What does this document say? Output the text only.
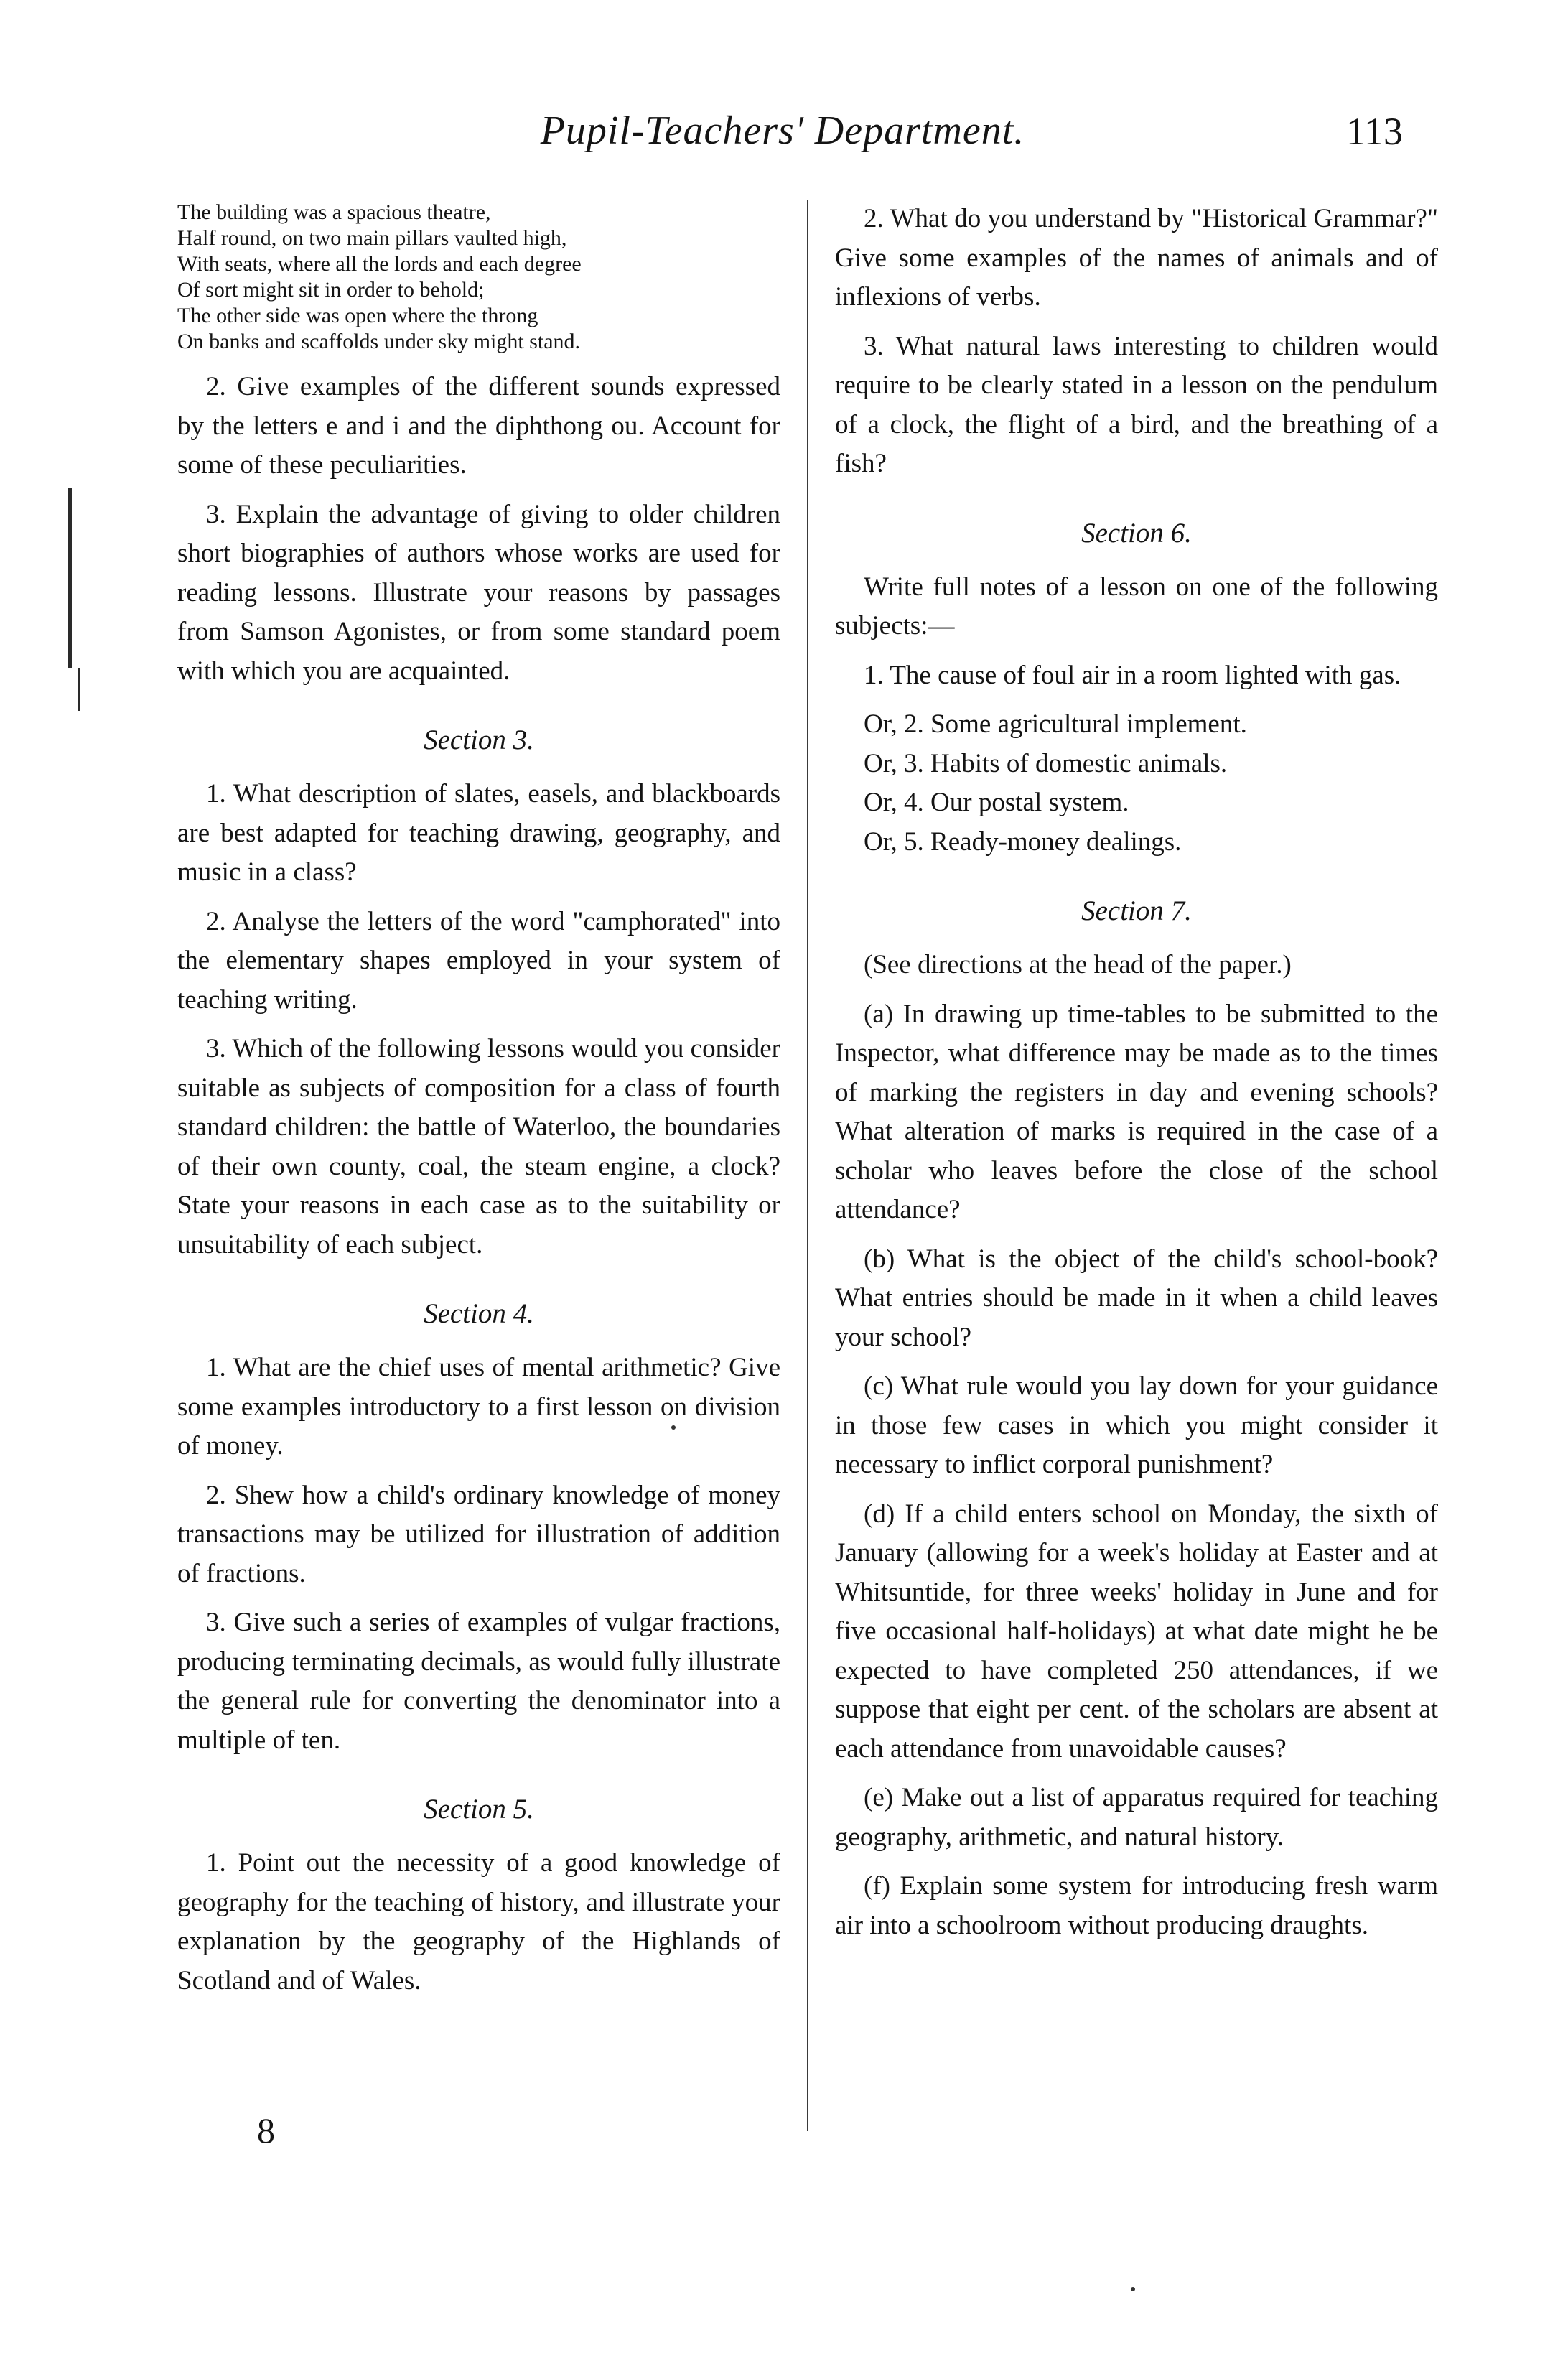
Pupil-Teachers' Department.	113
The building was a spacious theatre,
Half round, on two main pillars vaulted high,
With seats, where all the lords and each degree
Of sort might sit in order to behold;
The other side was open where the throng
On banks and scaffolds under sky might stand.

2. Give examples of the different sounds expressed by the letters e and i and the diphthong ou. Account for some of these peculiarities.

3. Explain the advantage of giving to older children short biographies of authors whose works are used for reading lessons. Illustrate your reasons by passages from Samson Agonistes, or from some standard poem with which you are acquainted.

Section 3.

1. What description of slates, easels, and blackboards are best adapted for teaching drawing, geography, and music in a class?

2. Analyse the letters of the word "camphorated" into the elementary shapes employed in your system of teaching writing.

3. Which of the following lessons would you consider suitable as subjects of composition for a class of fourth standard children: the battle of Waterloo, the boundaries of their own county, coal, the steam engine, a clock? State your reasons in each case as to the suitability or unsuitability of each subject.

Section 4.

1. What are the chief uses of mental arithmetic? Give some examples introductory to a first lesson on division of money.

2. Shew how a child's ordinary knowledge of money transactions may be utilized for illustration of addition of fractions.

3. Give such a series of examples of vulgar fractions, producing terminating decimals, as would fully illustrate the general rule for converting the denominator into a multiple of ten.

Section 5.

1. Point out the necessity of a good knowledge of geography for the teaching of history, and illustrate your explanation by the geography of the Highlands of Scotland and of Wales.

8

2. What do you understand by "Historical Grammar?" Give some examples of the names of animals and of inflexions of verbs.

3. What natural laws interesting to children would require to be clearly stated in a lesson on the pendulum of a clock, the flight of a bird, and the breathing of a fish?

Section 6.

Write full notes of a lesson on one of the following subjects:—

1. The cause of foul air in a room lighted with gas.

Or, 2. Some agricultural implement.

Or, 3. Habits of domestic animals.

Or, 4. Our postal system.

Or, 5. Ready-money dealings.

Section 7.

(See directions at the head of the paper.)

(a) In drawing up time-tables to be submitted to the Inspector, what difference may be made as to the times of marking the registers in day and evening schools? What alteration of marks is required in the case of a scholar who leaves before the close of the school attendance?

(b) What is the object of the child's school-book? What entries should be made in it when a child leaves your school?

(c) What rule would you lay down for your guidance in those few cases in which you might consider it necessary to inflict corporal punishment?

(d) If a child enters school on Monday, the sixth of January (allowing for a week's holiday at Easter and at Whitsuntide, for three weeks' holiday in June and for five occasional half-holidays) at what date might he be expected to have completed 250 attendances, if we suppose that eight per cent. of the scholars are absent at each attendance from unavoidable causes?

(e) Make out a list of apparatus required for teaching geography, arithmetic, and natural history.

(f) Explain some system for introducing fresh warm air into a schoolroom without producing draughts.
